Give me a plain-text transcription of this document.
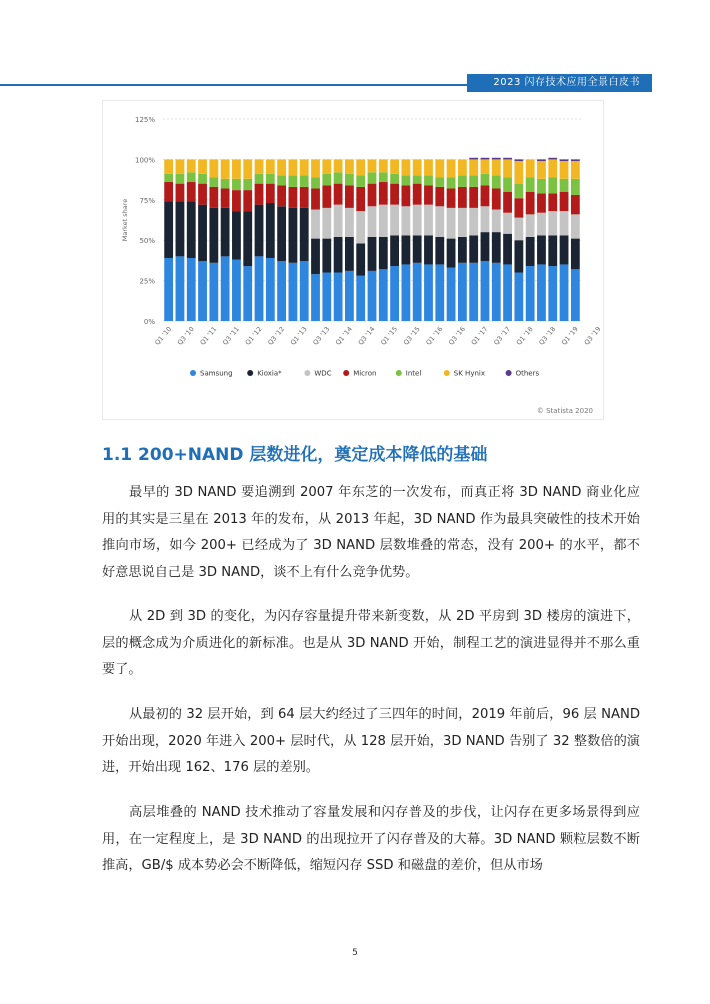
2023 闪存技术应用全景白皮书
0%
25%
50%
75%
100%
125%
Market share
Q1 '10 Q3 '10 Q1 '11 Q3 '11 Q1 '12 Q3 '12 Q1 '13 Q3 '13 Q1 '14 Q3 '14 Q1 '15 Q3 '15 Q1 '16 Q3 '16 Q1 '17 Q3 '17 Q1 '18 Q3 '18 Q1 '19 Q3 '19
Samsung	Kioxia*	WDC	Micron	Intel	SK Hynix	Others
© Statista 2020
1.1 200+NAND 层数进化，奠定成本降低的基础

最早的 3D NAND 要追溯到 2007 年东芝的一次发布，而真正将 3D NAND 商业化应用的其实是三星在 2013 年的发布，从 2013 年起，3D NAND 作为最具突破性的技术开始推向市场，如今 200+ 已经成为了 3D NAND 层数堆叠的常态，没有 200+ 的水平，都不好意思说自己是 3D NAND，谈不上有什么竞争优势。

从 2D 到 3D 的变化，为闪存容量提升带来新变数，从 2D 平房到 3D 楼房的演进下，层的概念成为介质进化的新标准。也是从 3D NAND 开始，制程工艺的演进显得并不那么重要了。

从最初的 32 层开始，到 64 层大约经过了三四年的时间，2019 年前后，96 层 NAND 开始出现，2020 年进入 200+ 层时代，从 128 层开始，3D NAND 告别了 32 整数倍的演进，开始出现 162、176 层的差别。

高层堆叠的 NAND 技术推动了容量发展和闪存普及的步伐，让闪存在更多场景得到应用，在一定程度上，是 3D NAND 的出现拉开了闪存普及的大幕。3D NAND 颗粒层数不断推高，GB/$ 成本势必会不断降低，缩短闪存 SSD 和磁盘的差价，但从市场

5
